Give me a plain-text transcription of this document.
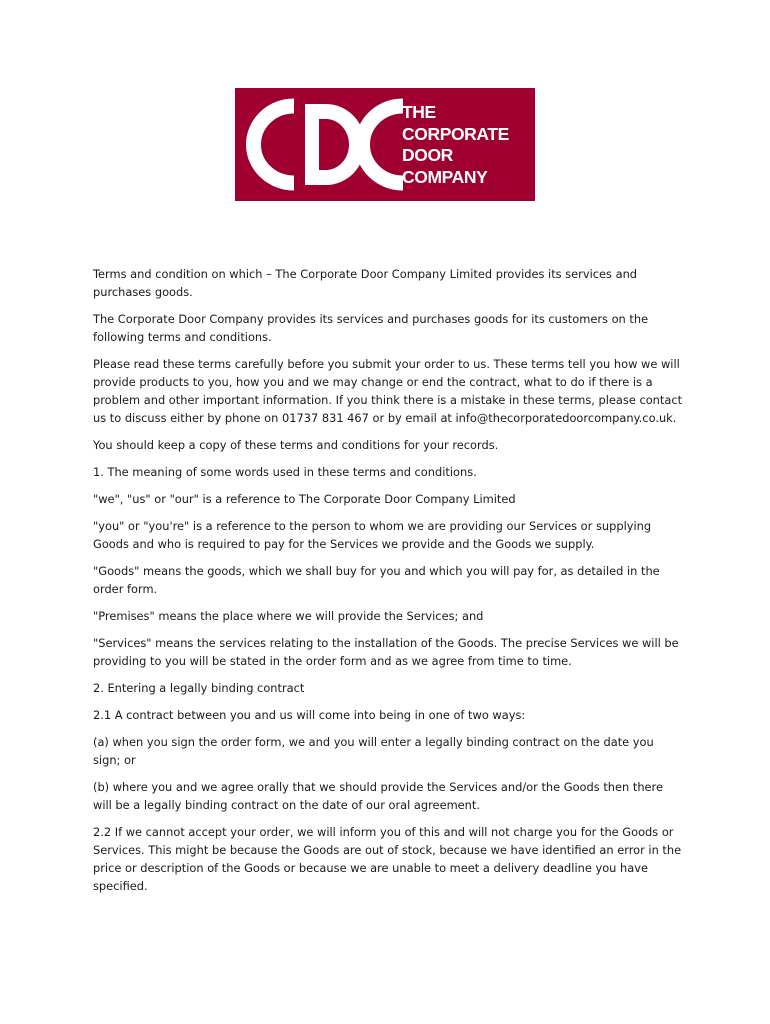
THE
CORPORATE
DOOR
COMPANY

Terms and condition on which – The Corporate Door Company Limited provides its services and purchases goods.

The Corporate Door Company provides its services and purchases goods for its customers on the following terms and conditions.

Please read these terms carefully before you submit your order to us. These terms tell you how we will provide products to you, how you and we may change or end the contract, what to do if there is a problem and other important information. If you think there is a mistake in these terms, please contact us to discuss either by phone on 01737 831 467 or by email at info@thecorporatedoorcompany.co.uk.

You should keep a copy of these terms and conditions for your records.

1. The meaning of some words used in these terms and conditions.

"we", "us" or "our" is a reference to The Corporate Door Company Limited

"you" or "you're" is a reference to the person to whom we are providing our Services or supplying Goods and who is required to pay for the Services we provide and the Goods we supply.

"Goods" means the goods, which we shall buy for you and which you will pay for, as detailed in the order form.

"Premises" means the place where we will provide the Services; and

"Services" means the services relating to the installation of the Goods. The precise Services we will be providing to you will be stated in the order form and as we agree from time to time.

2. Entering a legally binding contract

2.1 A contract between you and us will come into being in one of two ways:

(a) when you sign the order form, we and you will enter a legally binding contract on the date you sign; or

(b) where you and we agree orally that we should provide the Services and/or the Goods then there will be a legally binding contract on the date of our oral agreement.

2.2 If we cannot accept your order, we will inform you of this and will not charge you for the Goods or Services. This might be because the Goods are out of stock, because we have identified an error in the price or description of the Goods or because we are unable to meet a delivery deadline you have specified.
